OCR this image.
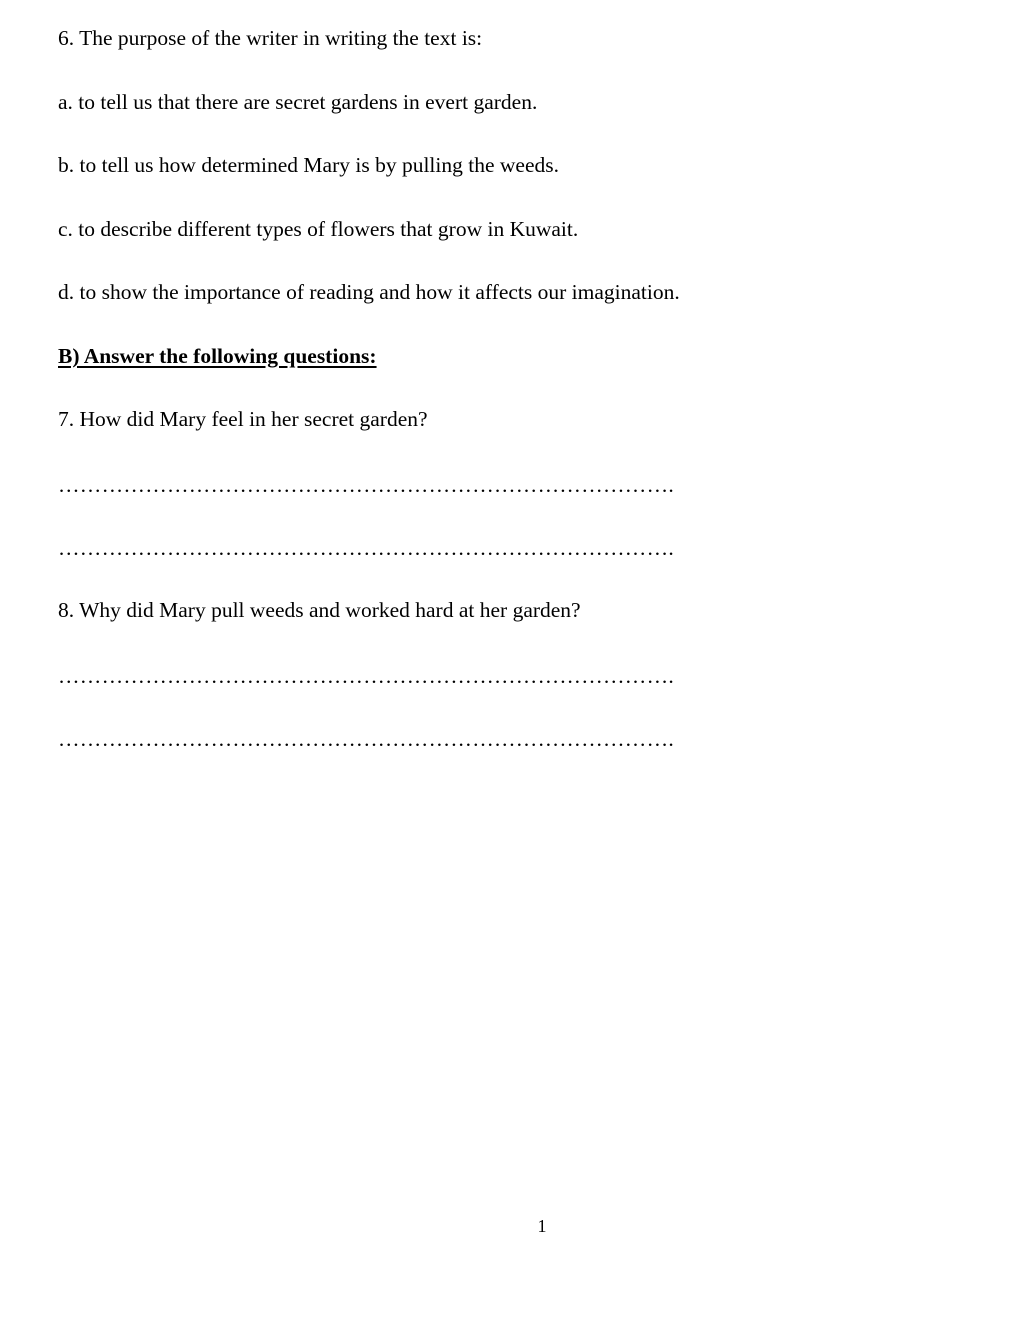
6. The purpose of the writer in writing the text is:
a. to tell us that there are secret gardens in evert garden.
b. to tell us how determined Mary is by pulling the weeds.
c. to describe different types of flowers that grow in Kuwait.
d. to show the importance of reading and how it affects our imagination.
B) Answer the following questions:
7. How did Mary feel in her secret garden?
………………………………………………………………………….
………………………………………………………………………….
8. Why did Mary pull weeds and worked hard at her garden?
………………………………………………………………………….
………………………………………………………………………….
1
